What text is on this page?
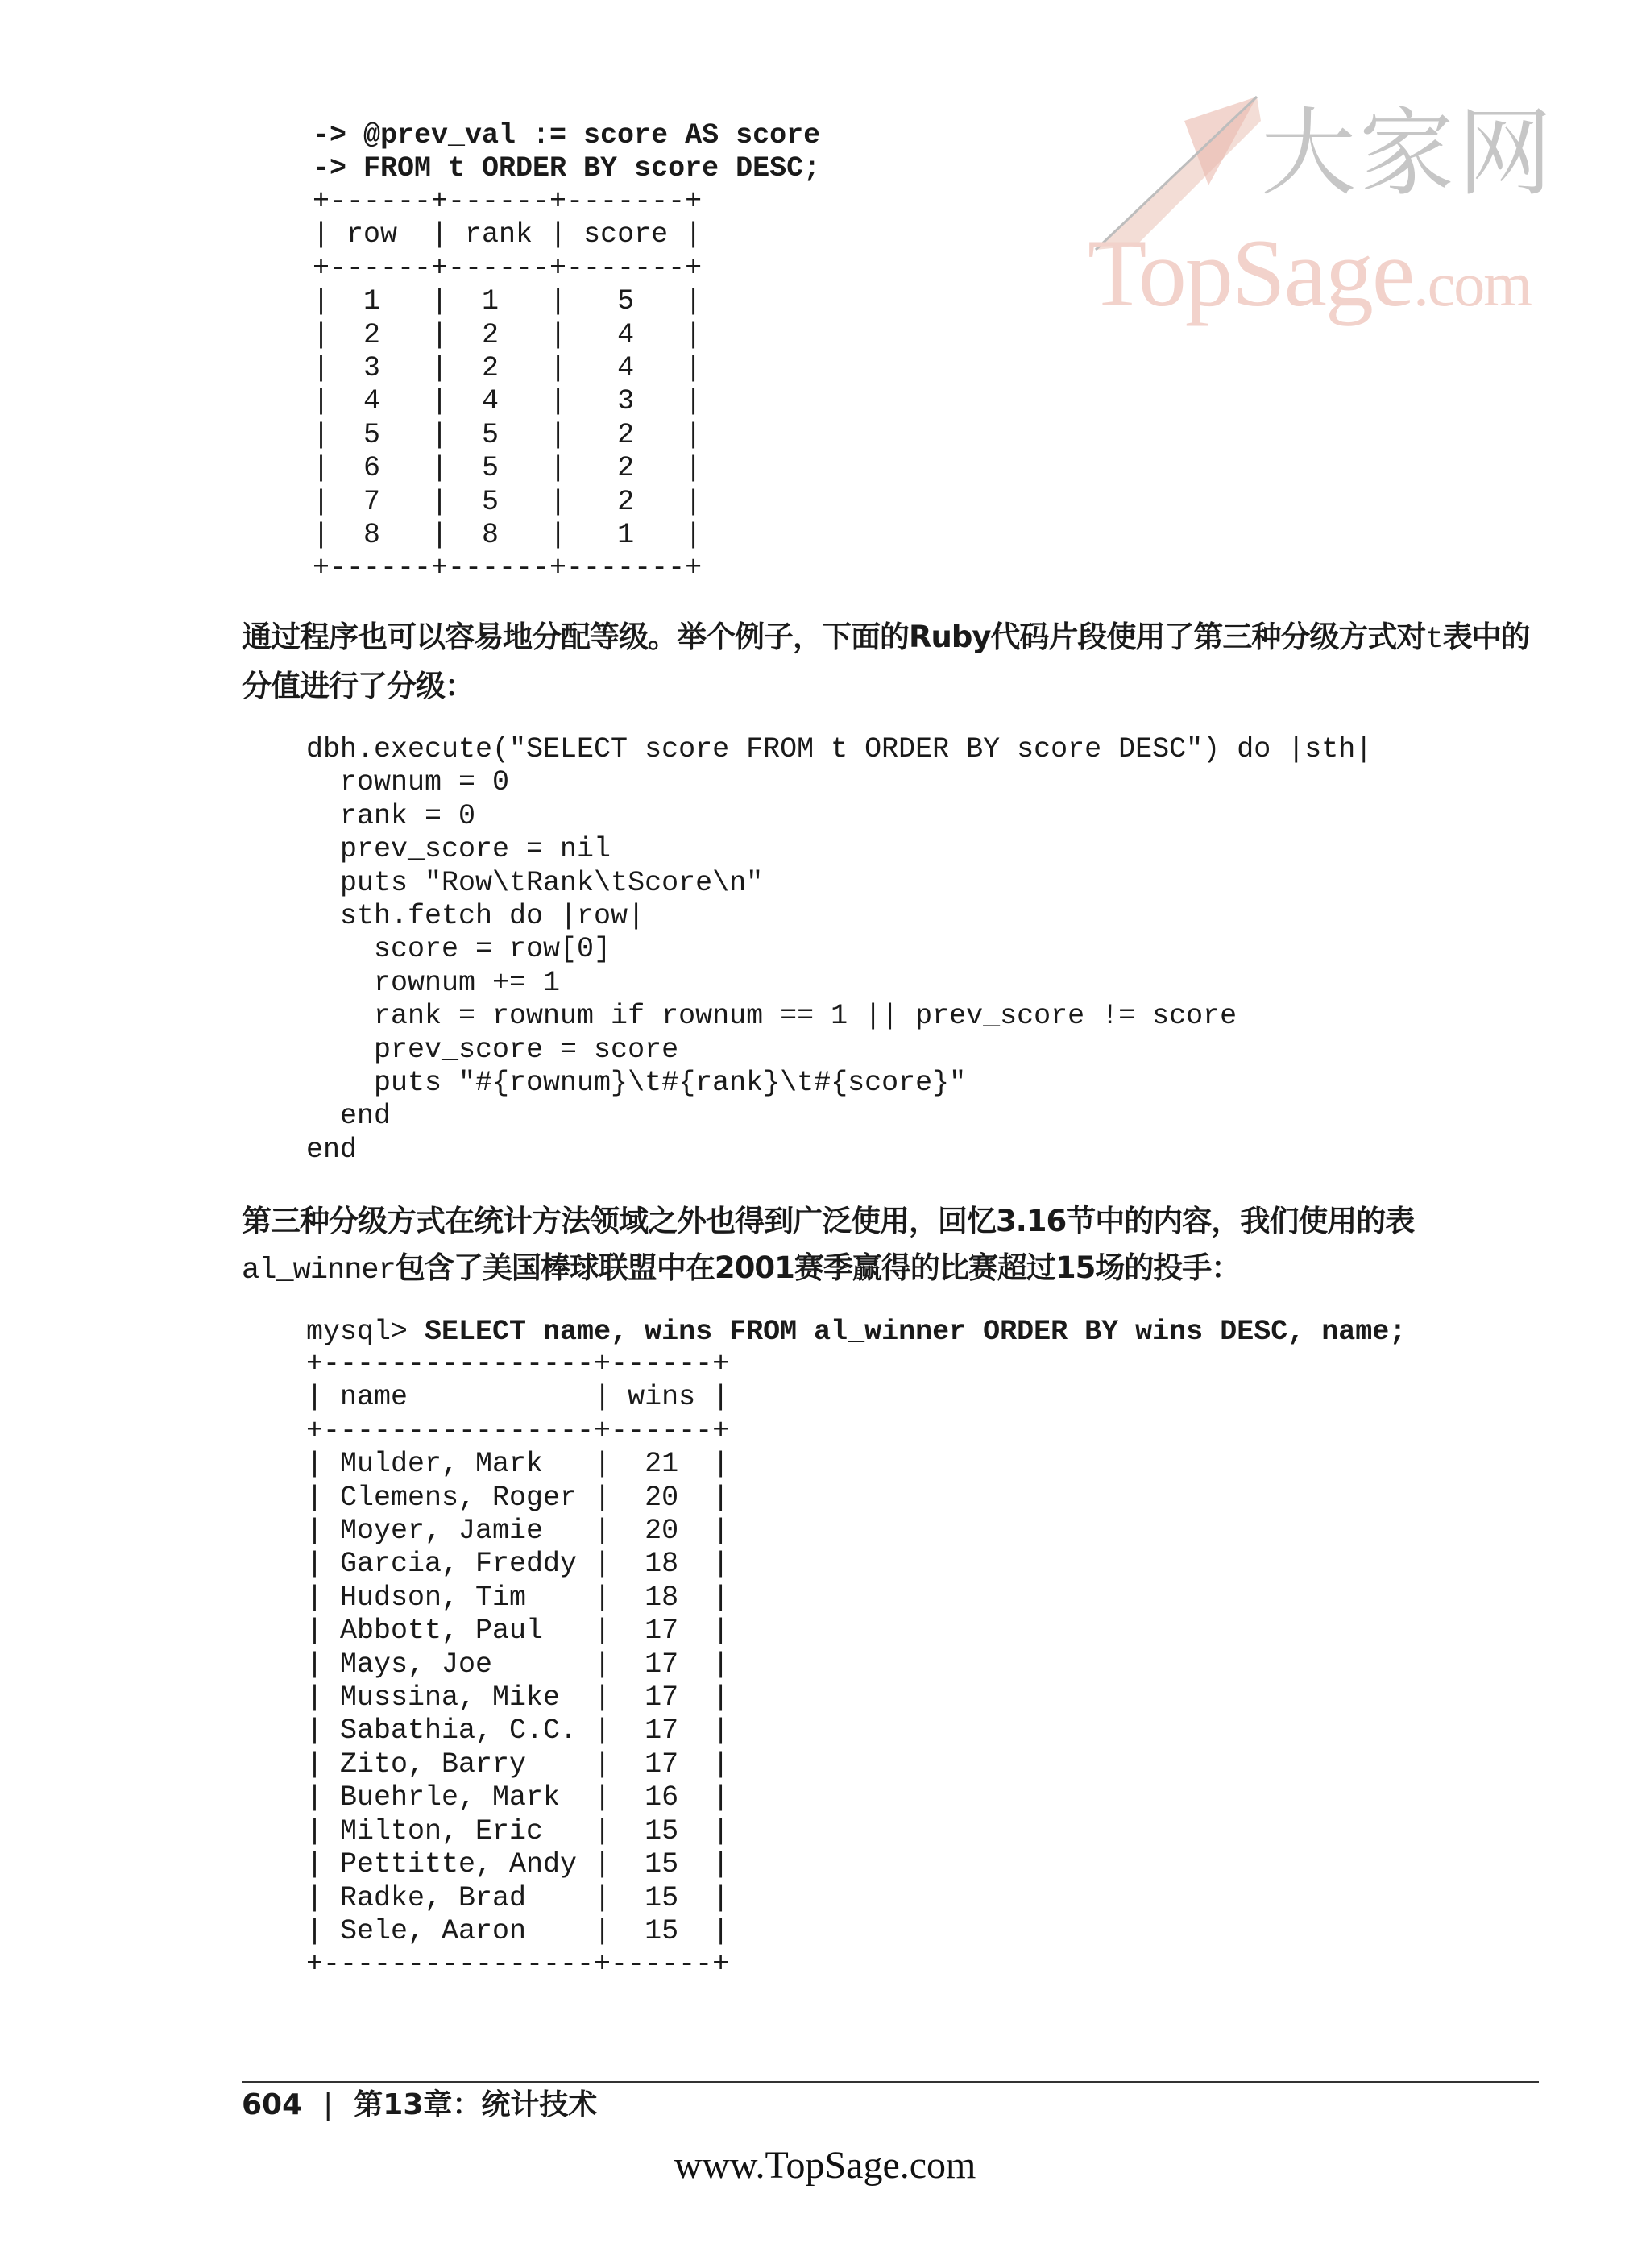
大家网
TopSage.com
-> @prev_val := score AS score
-> FROM t ORDER BY score DESC;
+------+------+-------+
| row  | rank | score |
+------+------+-------+
|  1   |  1   |   5   |
|  2   |  2   |   4   |
|  3   |  2   |   4   |
|  4   |  4   |   3   |
|  5   |  5   |   2   |
|  6   |  5   |   2   |
|  7   |  5   |   2   |
|  8   |  8   |   1   |
+------+------+-------+
通过程序也可以容易地分配等级。举个例子，下面的Ruby代码片段使用了第三种分级方式对t表中的分值进行了分级：
dbh.execute("SELECT score FROM t ORDER BY score DESC") do |sth|
rownum = 0
rank = 0
prev_score = nil
puts "Row\tRank\tScore\n"
sth.fetch do |row|
score = row[0]
rownum += 1
rank = rownum if rownum == 1 || prev_score != score
prev_score = score
puts "#{rownum}\t#{rank}\t#{score}"
end
end
第三种分级方式在统计方法领域之外也得到广泛使用，回忆3.16节中的内容，我们使用的表al_winner包含了美国棒球联盟中在2001赛季赢得的比赛超过15场的投手：
mysql> SELECT name, wins FROM al_winner ORDER BY wins DESC, name;
+----------------+------+
| name           | wins |
+----------------+------+
| Mulder, Mark   |  21  |
| Clemens, Roger |  20  |
| Moyer, Jamie   |  20  |
| Garcia, Freddy |  18  |
| Hudson, Tim    |  18  |
| Abbott, Paul   |  17  |
| Mays, Joe      |  17  |
| Mussina, Mike  |  17  |
| Sabathia, C.C. |  17  |
| Zito, Barry    |  17  |
| Buehrle, Mark  |  16  |
| Milton, Eric   |  15  |
| Pettitte, Andy |  15  |
| Radke, Brad    |  15  |
| Sele, Aaron    |  15  |
+----------------+------+
604 | 第13章：统计技术
www.TopSage.com
